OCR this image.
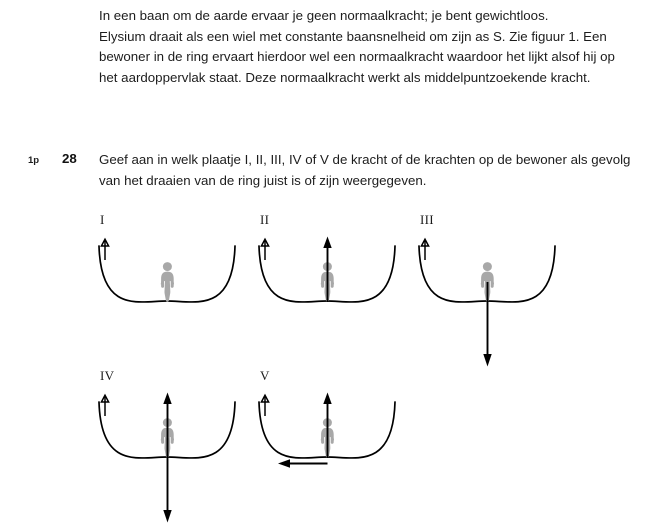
In een baan om de aarde ervaar je geen normaalkracht; je bent gewichtloos.

Elysium draait als een wiel met constante baansnelheid om zijn as S. Zie figuur 1. Een bewoner in de ring ervaart hierdoor wel een normaalkracht waardoor het lijkt alsof hij op het aardoppervlak staat. Deze normaalkracht werkt als middelpuntzoekende kracht.

1p 28 Geef aan in welk plaatje I, II, III, IV of V de kracht of de krachten op de bewoner als gevolg van het draaien van de ring juist is of zijn weergegeven.
I	II	III
IV	V
